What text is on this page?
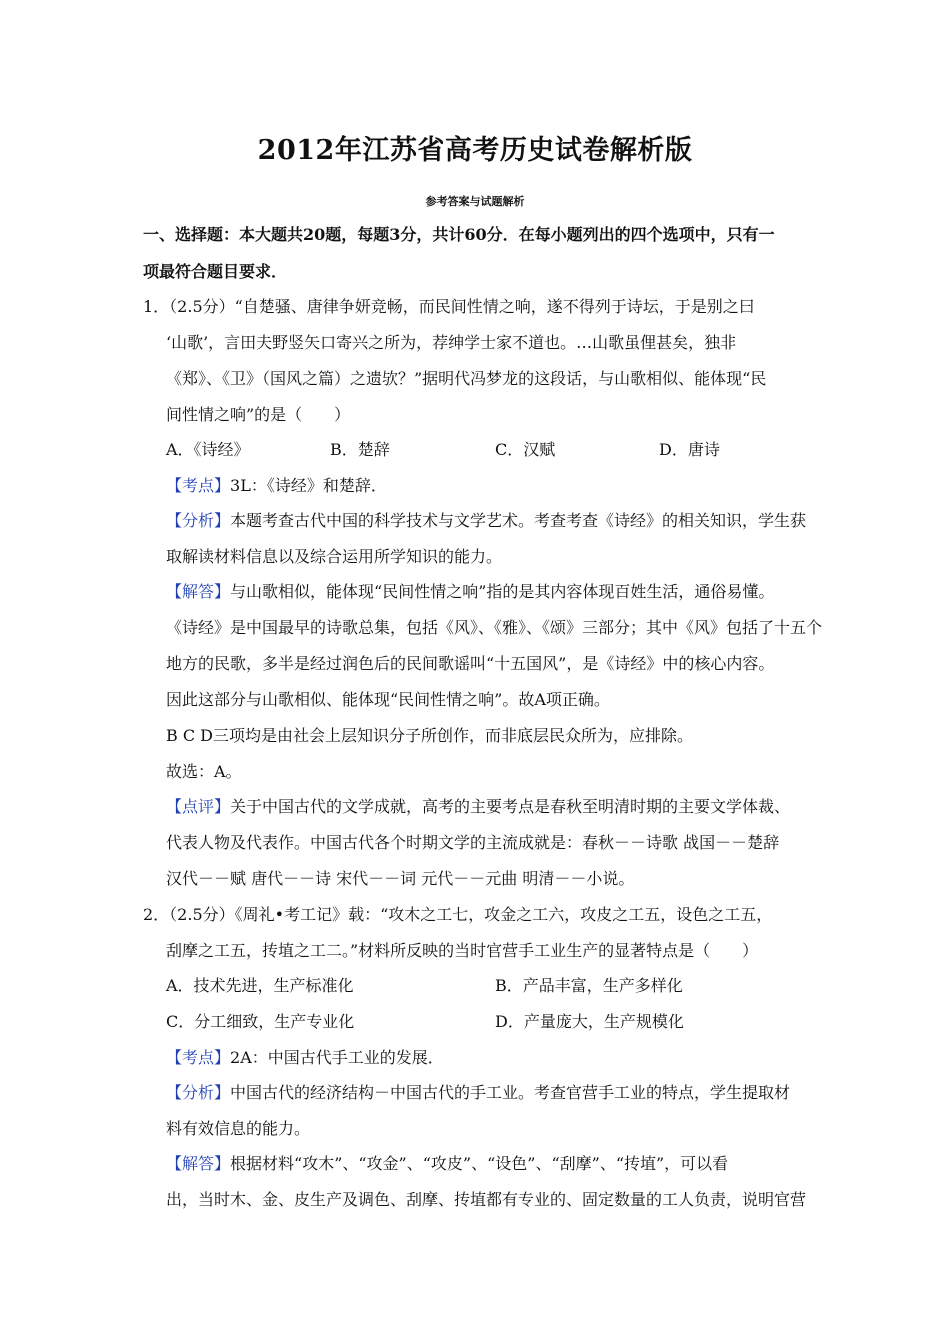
2012年江苏省高考历史试卷解析版
参考答案与试题解析
一、选择题：本大题共20题，每题3分，共计60分．在每小题列出的四个选项中，只有一
项最符合题目要求．
1．（2.5分）“自楚骚、唐律争妍竞畅，而民间性情之响，遂不得列于诗坛，于是别之曰
‘山歌’，言田夫野竖矢口寄兴之所为，荐绅学士家不道也。…山歌虽俚甚矣，独非
《郑》、《卫》（国风之篇）之遗欤？”据明代冯梦龙的这段话，与山歌相似、能体现“民
间性情之响”的是（　　）
A．《诗经》	B．楚辞	C．汉赋	D．唐诗
【考点】3L：《诗经》和楚辞．
【分析】本题考查古代中国的科学技术与文学艺术。考查考查《诗经》的相关知识，学生获
取解读材料信息以及综合运用所学知识的能力。
【解答】与山歌相似，能体现“民间性情之响”指的是其内容体现百姓生活，通俗易懂。
《诗经》是中国最早的诗歌总集，包括《风》、《雅》、《颂》三部分；其中《风》包括了十五个
地方的民歌，多半是经过润色后的民间歌谣叫“十五国风”，是《诗经》中的核心内容。
因此这部分与山歌相似、能体现“民间性情之响”。故A项正确。
B C D三项均是由社会上层知识分子所创作，而非底层民众所为，应排除。
故选：A。
【点评】关于中国古代的文学成就，高考的主要考点是春秋至明清时期的主要文学体裁、
代表人物及代表作。中国古代各个时期文学的主流成就是：春秋－－诗歌 战国－－楚辞
汉代－－赋 唐代－－诗 宋代－－词 元代－－元曲 明清－－小说。
2．（2.5分）《周礼•考工记》载：“攻木之工七，攻金之工六，攻皮之工五，设色之工五，
刮摩之工五，抟埴之工二。”材料所反映的当时官营手工业生产的显著特点是（　　）
A．技术先进，生产标准化	B．产品丰富，生产多样化
C．分工细致，生产专业化	D．产量庞大，生产规模化
【考点】2A：中国古代手工业的发展．
【分析】中国古代的经济结构－中国古代的手工业。考查官营手工业的特点，学生提取材
料有效信息的能力。
【解答】根据材料“攻木”、“攻金”、“攻皮”、“设色”、“刮摩”、“抟埴”，可以看
出，当时木、金、皮生产及调色、刮摩、抟埴都有专业的、固定数量的工人负责，说明官营
